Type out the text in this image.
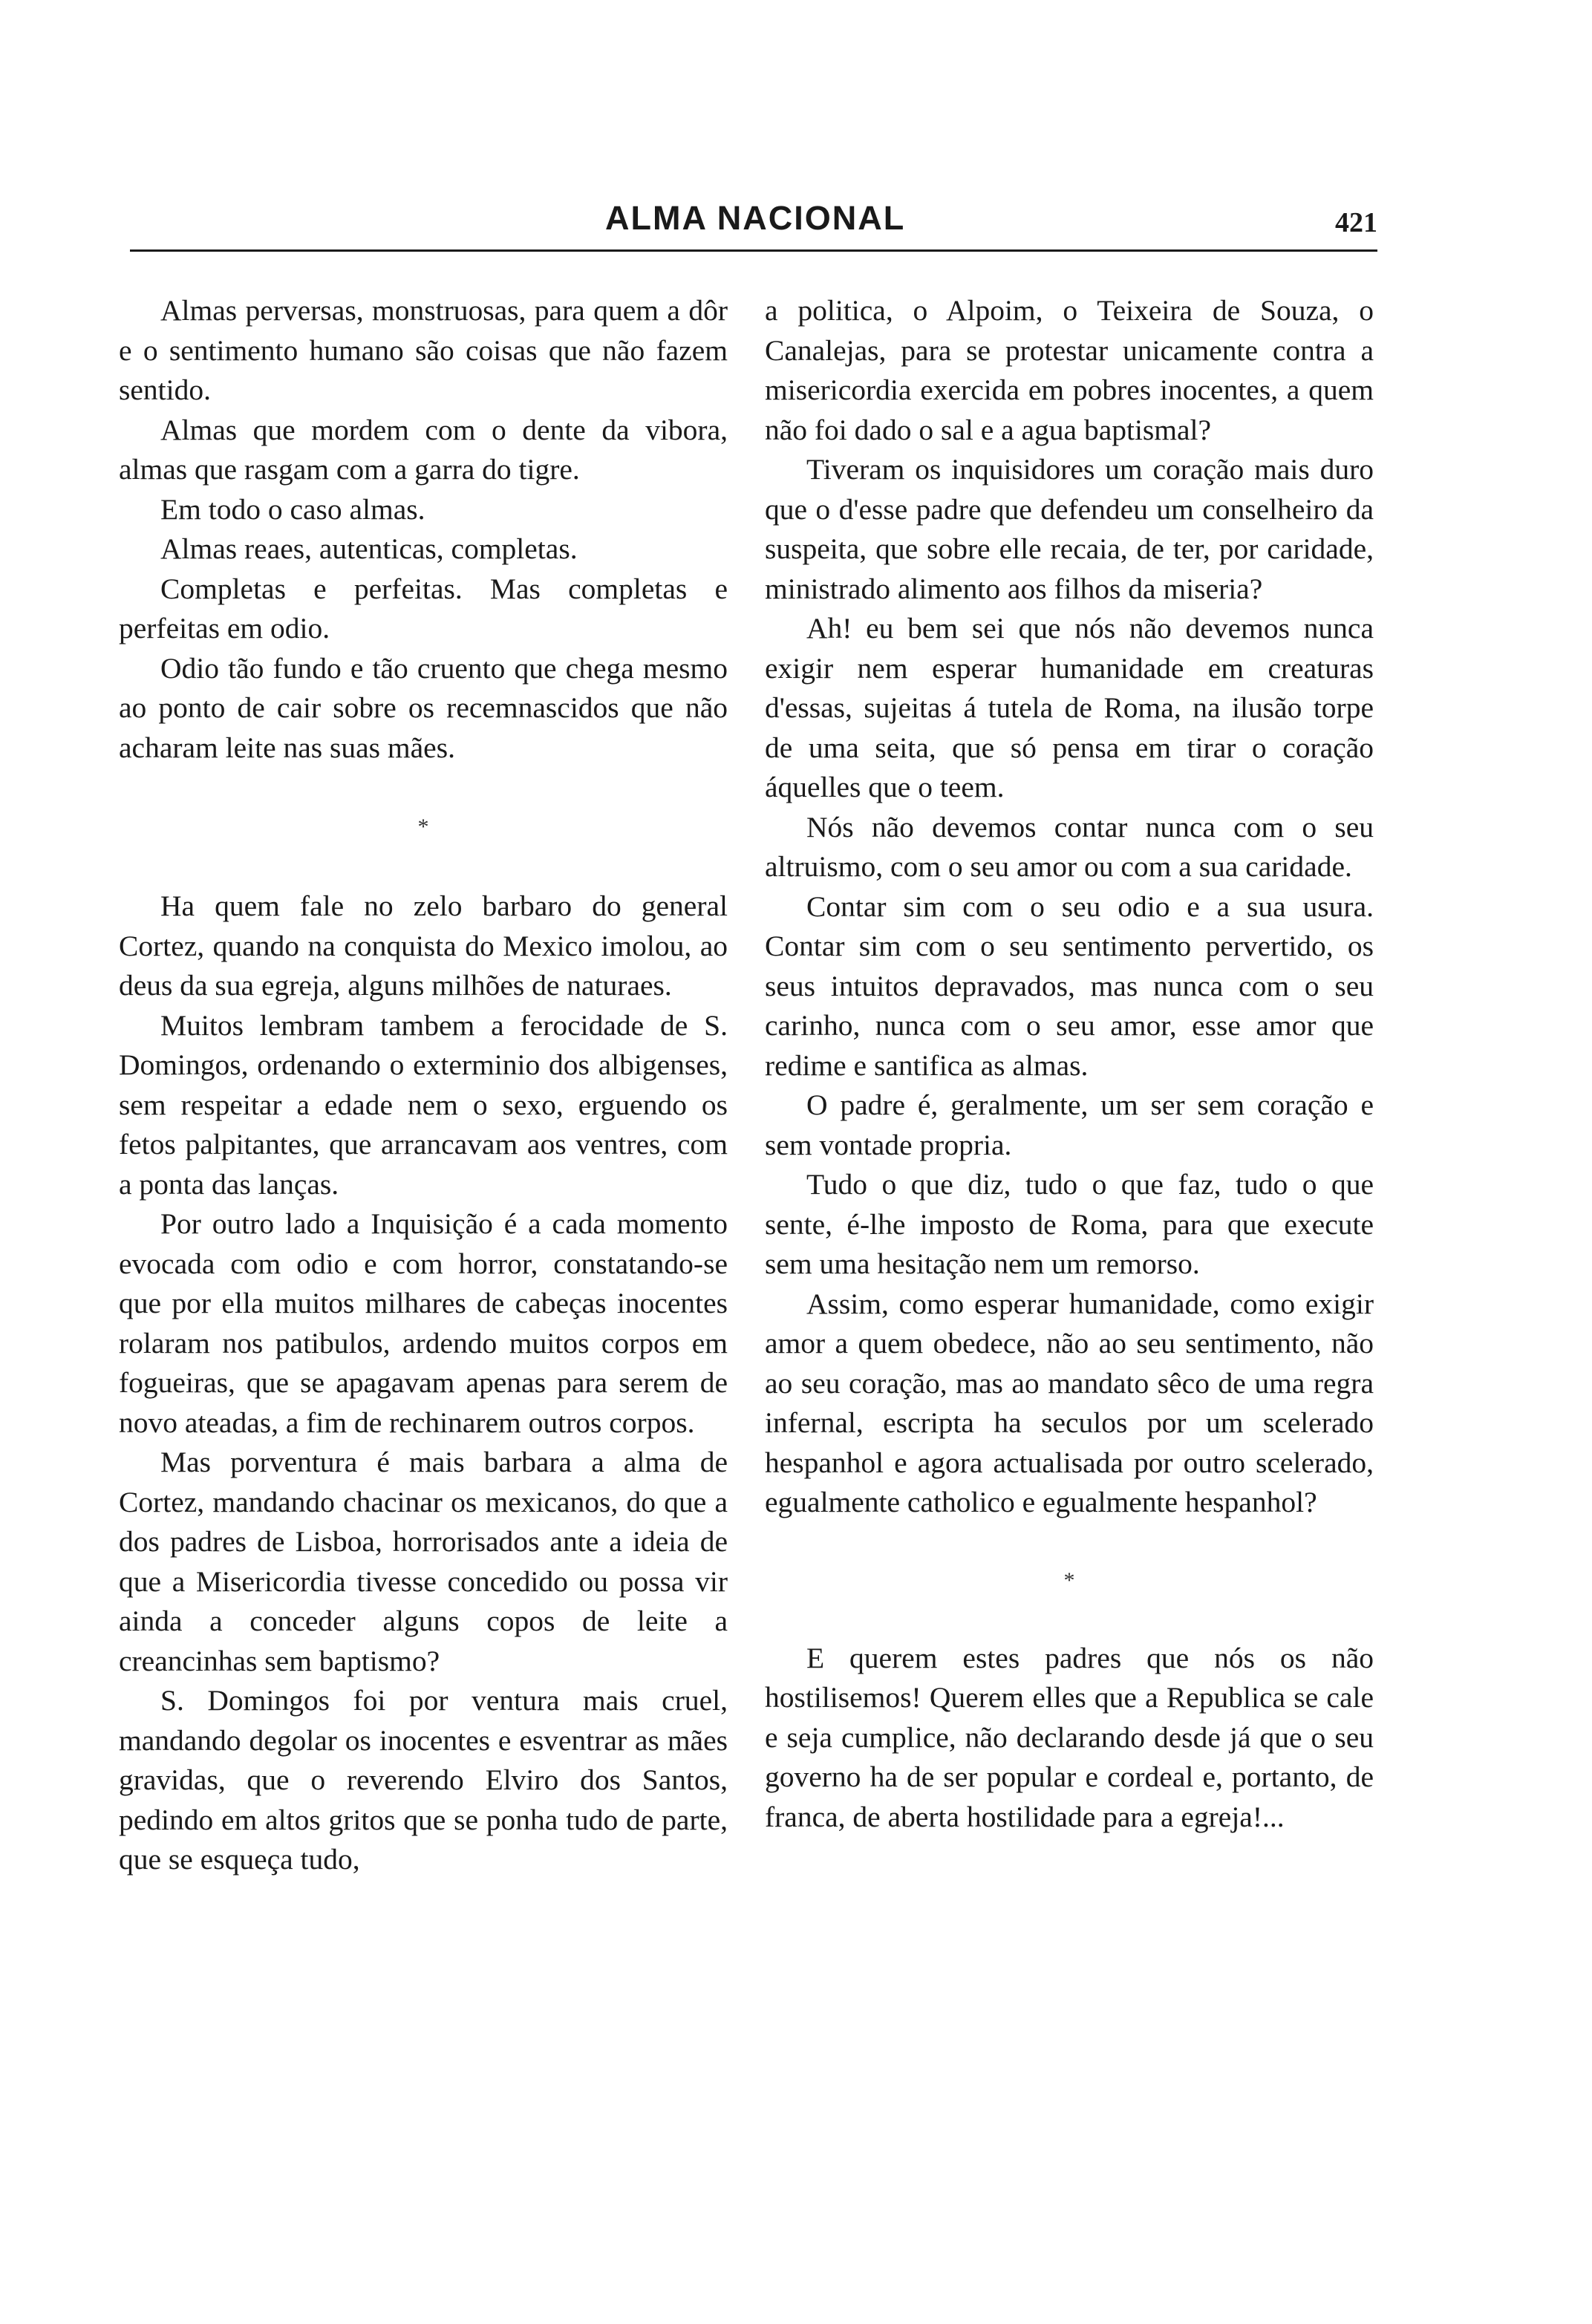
ALMA NACIONAL	421

Almas perversas, monstruosas, para quem a dôr e o sentimento humano são coisas que não fazem sentido.

Almas que mordem com o dente da vibora, almas que rasgam com a garra do tigre.

Em todo o caso almas.

Almas reaes, autenticas, completas.

Completas e perfeitas. Mas completas e perfeitas em odio.

Odio tão fundo e tão cruento que chega mesmo ao ponto de cair sobre os recemnascidos que não acharam leite nas suas mães.

*

Ha quem fale no zelo barbaro do general Cortez, quando na conquista do Mexico imolou, ao deus da sua egreja, alguns milhões de naturaes.

Muitos lembram tambem a ferocidade de S. Domingos, ordenando o exterminio dos albigenses, sem respeitar a edade nem o sexo, erguendo os fetos palpitantes, que arrancavam aos ventres, com a ponta das lanças.

Por outro lado a Inquisição é a cada momento evocada com odio e com horror, constatando-se que por ella muitos milhares de cabeças inocentes rolaram nos patibulos, ardendo muitos corpos em fogueiras, que se apagavam apenas para serem de novo ateadas, a fim de rechinarem outros corpos.

Mas porventura é mais barbara a alma de Cortez, mandando chacinar os mexicanos, do que a dos padres de Lisboa, horrorisados ante a ideia de que a Misericordia tivesse concedido ou possa vir ainda a conceder alguns copos de leite a creancinhas sem baptismo?

S. Domingos foi por ventura mais cruel, mandando degolar os inocentes e esventrar as mães gravidas, que o reverendo Elviro dos Santos, pedindo em altos gritos que se ponha tudo de parte, que se esqueça tudo,

a politica, o Alpoim, o Teixeira de Souza, o Canalejas, para se protestar unicamente contra a misericordia exercida em pobres inocentes, a quem não foi dado o sal e a agua baptismal?

Tiveram os inquisidores um coração mais duro que o d'esse padre que defendeu um conselheiro da suspeita, que sobre elle recaia, de ter, por caridade, ministrado alimento aos filhos da miseria?

Ah! eu bem sei que nós não devemos nunca exigir nem esperar humanidade em creaturas d'essas, sujeitas á tutela de Roma, na ilusão torpe de uma seita, que só pensa em tirar o coração áquelles que o teem.

Nós não devemos contar nunca com o seu altruismo, com o seu amor ou com a sua caridade.

Contar sim com o seu odio e a sua usura. Contar sim com o seu sentimento pervertido, os seus intuitos depravados, mas nunca com o seu carinho, nunca com o seu amor, esse amor que redime e santifica as almas.

O padre é, geralmente, um ser sem coração e sem vontade propria.

Tudo o que diz, tudo o que faz, tudo o que sente, é-lhe imposto de Roma, para que execute sem uma hesitação nem um remorso.

Assim, como esperar humanidade, como exigir amor a quem obedece, não ao seu sentimento, não ao seu coração, mas ao mandato sêco de uma regra infernal, escripta ha seculos por um scelerado hespanhol e agora actualisada por outro scelerado, egualmente catholico e egualmente hespanhol?

*

E querem estes padres que nós os não hostilisemos! Querem elles que a Republica se cale e seja cumplice, não declarando desde já que o seu governo ha de ser popular e cordeal e, portanto, de franca, de aberta hostilidade para a egreja!...
